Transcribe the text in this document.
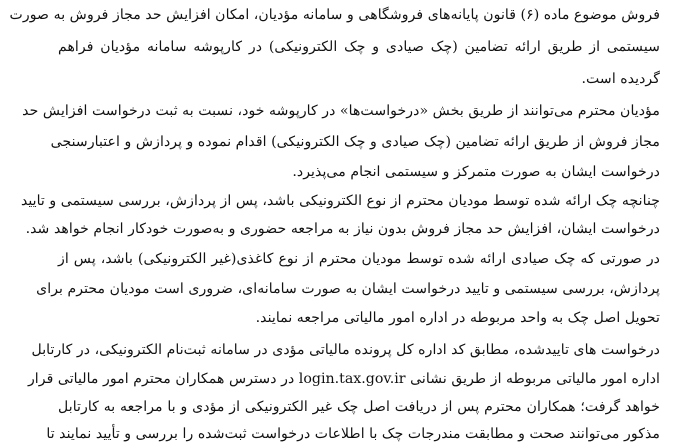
فروش موضوع ماده (۶) قانون پایانه‌های فروشگاهی و سامانه مؤدیان، امکان افزایش حد مجاز فروش به صورت
سیستمی از طریق ارائه تضامین (چک صیادی و چک الکترونیکی) در کارپوشه سامانه مؤدیان فراهم
گردیده است.
مؤدیان محترم می‌توانند از طریق بخش «درخواست‌ها» در کارپوشه خود، نسبت به ثبت درخواست افزایش حد
مجاز فروش از طریق ارائه تضامین (چک صیادی و چک الکترونیکی) اقدام نموده و پردازش و اعتبارسنجی
درخواست ایشان به صورت متمرکز و سیستمی انجام می‌پذیرد.
چنانچه چک ارائه شده توسط مودیان محترم از نوع الکترونیکی باشد، پس از پردازش، بررسی سیستمی و تایید
درخواست ایشان، افزایش حد مجاز فروش بدون نیاز به مراجعه حضوری و به‌صورت خودکار انجام خواهد شد.
در صورتی که چک صیادی ارائه شده توسط مودیان محترم از نوع کاغذی(غیر الکترونیکی) باشد، پس از
پردازش، بررسی سیستمی و تایید درخواست ایشان به صورت سامانه‌ای، ضروری است مودیان محترم برای
تحویل اصل چک به واحد مربوطه در اداره امور مالیاتی مراجعه نمایند.
درخواست های تاییدشده، مطابق کد اداره کل پرونده مالیاتی مؤدی در سامانه ثبت‌نام الکترونیکی، در کارتابل
اداره امور مالیاتی مربوطه از طریق نشانی login.tax.gov.ir در دسترس همکاران محترم امور مالیاتی قرار
خواهد گرفت؛ همکاران محترم پس از دریافت اصل چک غیر الکترونیکی از مؤدی و با مراجعه به کارتابل
مذکور می‌توانند صحت و مطابقت مندرجات چک با اطلاعات درخواست ثبت‌شده را بررسی و تأیید نمایند تا
